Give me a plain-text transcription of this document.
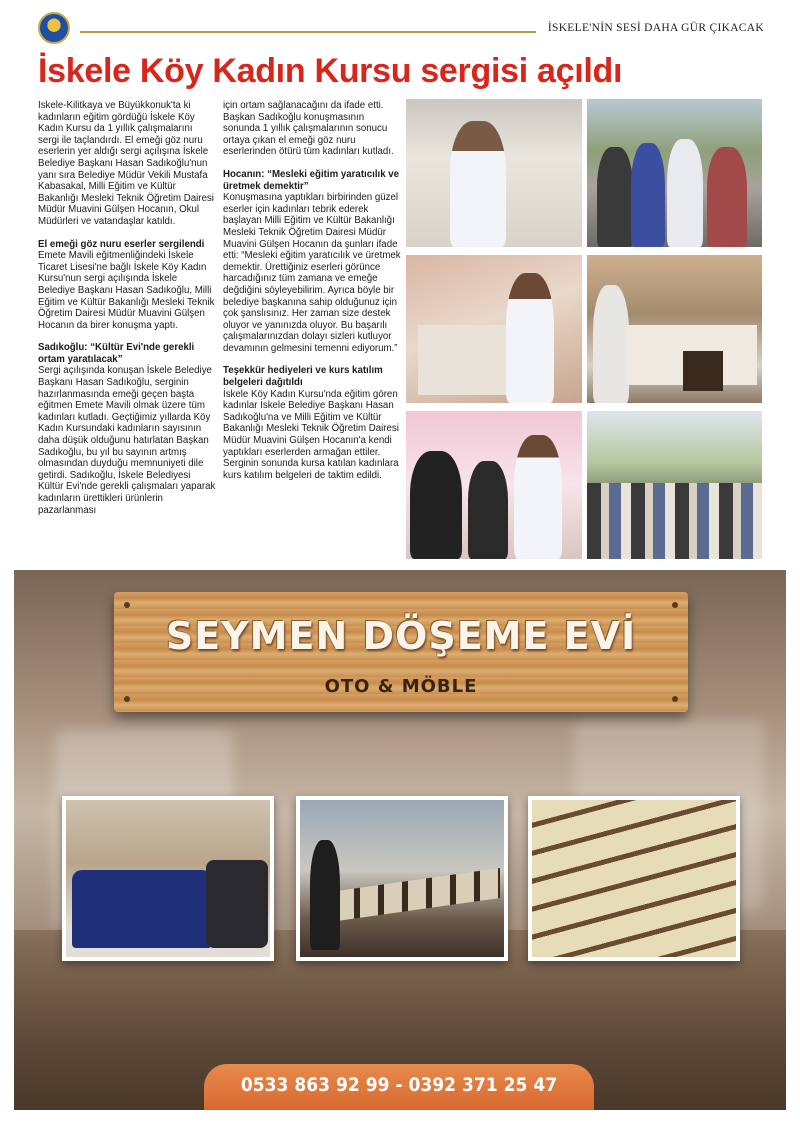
İSKELE'NİN SESİ DAHA GÜR ÇIKACAK
İskele Köy Kadın Kursu sergisi açıldı

İskele-Kilitkaya ve Büyükkonuk'ta ki kadınların eğitim gördüğü İskele Köy Kadın Kursu da 1 yıllık çalışmalarını sergi ile taçlandırdı. El emeği göz nuru eserlerin yer aldığı sergi açılışına İskele Belediye Başkanı Hasan Sadıkoğlu'nun yanı sıra Belediye Müdür Vekili Mustafa Kabasakal, Milli Eğitim ve Kültür Bakanlığı Mesleki Teknik Öğretim Dairesi Müdür Muavini Gülşen Hocanın, Okul Müdürleri ve vatandaşlar katıldı.

El emeği göz nuru eserler sergilendi

Emete Mavili eğitmenliğindeki İskele Ticaret Lisesi'ne bağlı İskele Köy Kadın Kursu'nun sergi açılışında İskele Belediye Başkanı Hasan Sadıkoğlu, Milli Eğitim ve Kültür Bakanlığı Mesleki Teknik Öğretim Dairesi Müdür Muavini Gülşen Hocanın da birer konuşma yaptı.

Sadıkoğlu: “Kültür Evi'nde gerekli ortam yaratılacak”

Sergi açılışında konuşan İskele Belediye Başkanı Hasan Sadıkoğlu, serginin hazırlanmasında emeği geçen başta eğitmen Emete Mavili olmak üzere tüm kadınları kutladı. Geçtiğimiz yıllarda Köy Kadın Kursundaki kadınların sayısının daha düşük olduğunu hatırlatan Başkan Sadıkoğlu, bu yıl bu sayının artmış olmasından duyduğu memnuniyeti dile getirdi. Sadıkoğlu, İskele Belediyesi Kültür Evi'nde gerekli çalışmaları yaparak kadınların ürettikleri ürünlerin pazarlanması

için ortam sağlanacağını da ifade etti. Başkan Sadıkoğlu konuşmasının sonunda 1 yıllık çalışmalarının sonucu ortaya çıkan el emeği göz nuru eserlerinden ötürü tüm kadınları kutladı.

Hocanın: “Mesleki eğitim yaratıcılık ve üretmek demektir”

Konuşmasına yaptıkları birbirinden güzel eserler için kadınları tebrik ederek başlayan Milli Eğitim ve Kültür Bakanlığı Mesleki Teknik Öğretim Dairesi Müdür Muavini Gülşen Hocanın da şunları ifade etti: “Mesleki eğitim yaratıcılık ve üretmek demektir. Ürettiğiniz eserleri görünce harcadığınız tüm zamana ve emeğe değdiğini söyleyebilirim. Ayrıca böyle bir belediye başkanına sahip olduğunuz için çok şanslısınız. Her zaman size destek oluyor ve yanınızda oluyor. Bu başarılı çalışmalarınızdan dolayı sizleri kutluyor devamının gelmesini temenni ediyorum.”

Teşekkür hediyeleri ve kurs katılım belgeleri dağıtıldı

İskele Köy Kadın Kursu'nda eğitim gören kadınlar İskele Belediye Başkanı Hasan Sadıkoğlu'na ve Milli Eğitim ve Kültür Bakanlığı Mesleki Teknik Öğretim Dairesi Müdür Muavini Gülşen Hocanın'a kendi yaptıkları eserlerden armağan ettiler. Serginin sonunda kursa katılan kadınlara kurs katılım belgeleri de taktim edildi.

SEYMEN DÖŞEME EVİ
OTO & MÖBLE
0533 863 92 99 - 0392 371 25 47
